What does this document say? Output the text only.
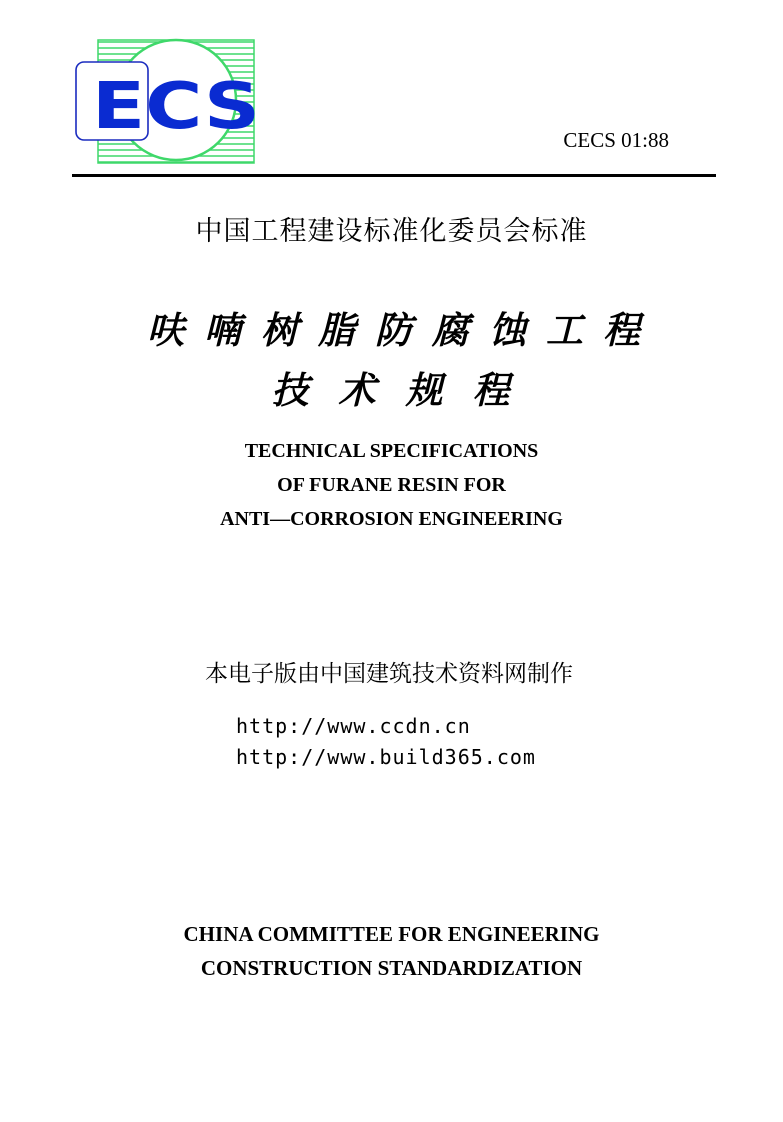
ECS	CECS 01:88
中国工程建设标准化委员会标准
呋喃树脂防腐蚀工程
技术规程
TECHNICAL SPECIFICATIONS
OF FURANE RESIN FOR
ANTI—CORROSION ENGINEERING
本电子版由中国建筑技术资料网制作
http://www.ccdn.cn
http://www.build365.com
CHINA COMMITTEE FOR ENGINEERING
CONSTRUCTION STANDARDIZATION
